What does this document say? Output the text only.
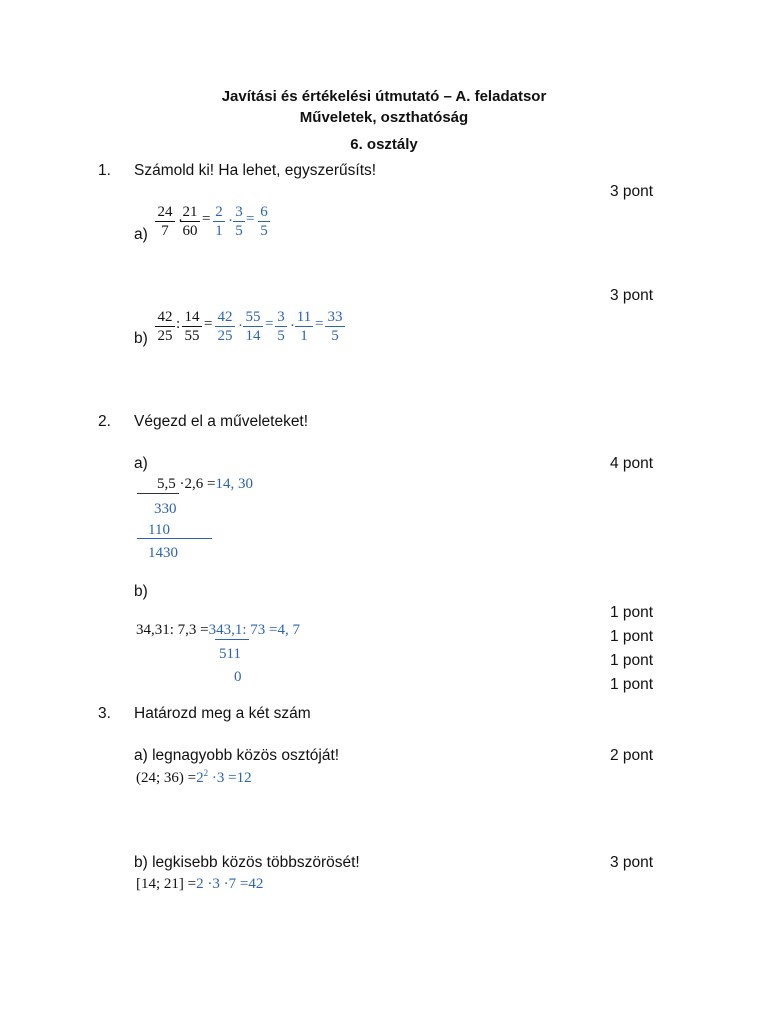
Javítási és értékelési útmutató – A. feladatsor
Műveletek, oszthatóság
6. osztály
1. Számold ki! Ha lehet, egyszerűsíts!
3 pont
a)
24
7
·
21
60
= 2
1
·
3
5
= 6
5
3 pont
b)
42
25
: 14
55
= 42
25
·
55
14
= 3
5
·
11
1
= 33
5
2. Végezd el a műveleteket!
a)	4 pont
5,5 ·2,6 =14, 30
330
110
1430
b)
1 pont
1 pont
1 pont
1 pont
34,31: 7,3 =343,1: 73 =4, 7
511
0
3. Határozd meg a két szám
a) legnagyobb közös osztóját!	2 pont
(24; $36) =2^2 \cdot 3 =12$
b) legkisebb közös többszörösét!	3 pont
[14; 21] =2 ·3 ·7 =42
